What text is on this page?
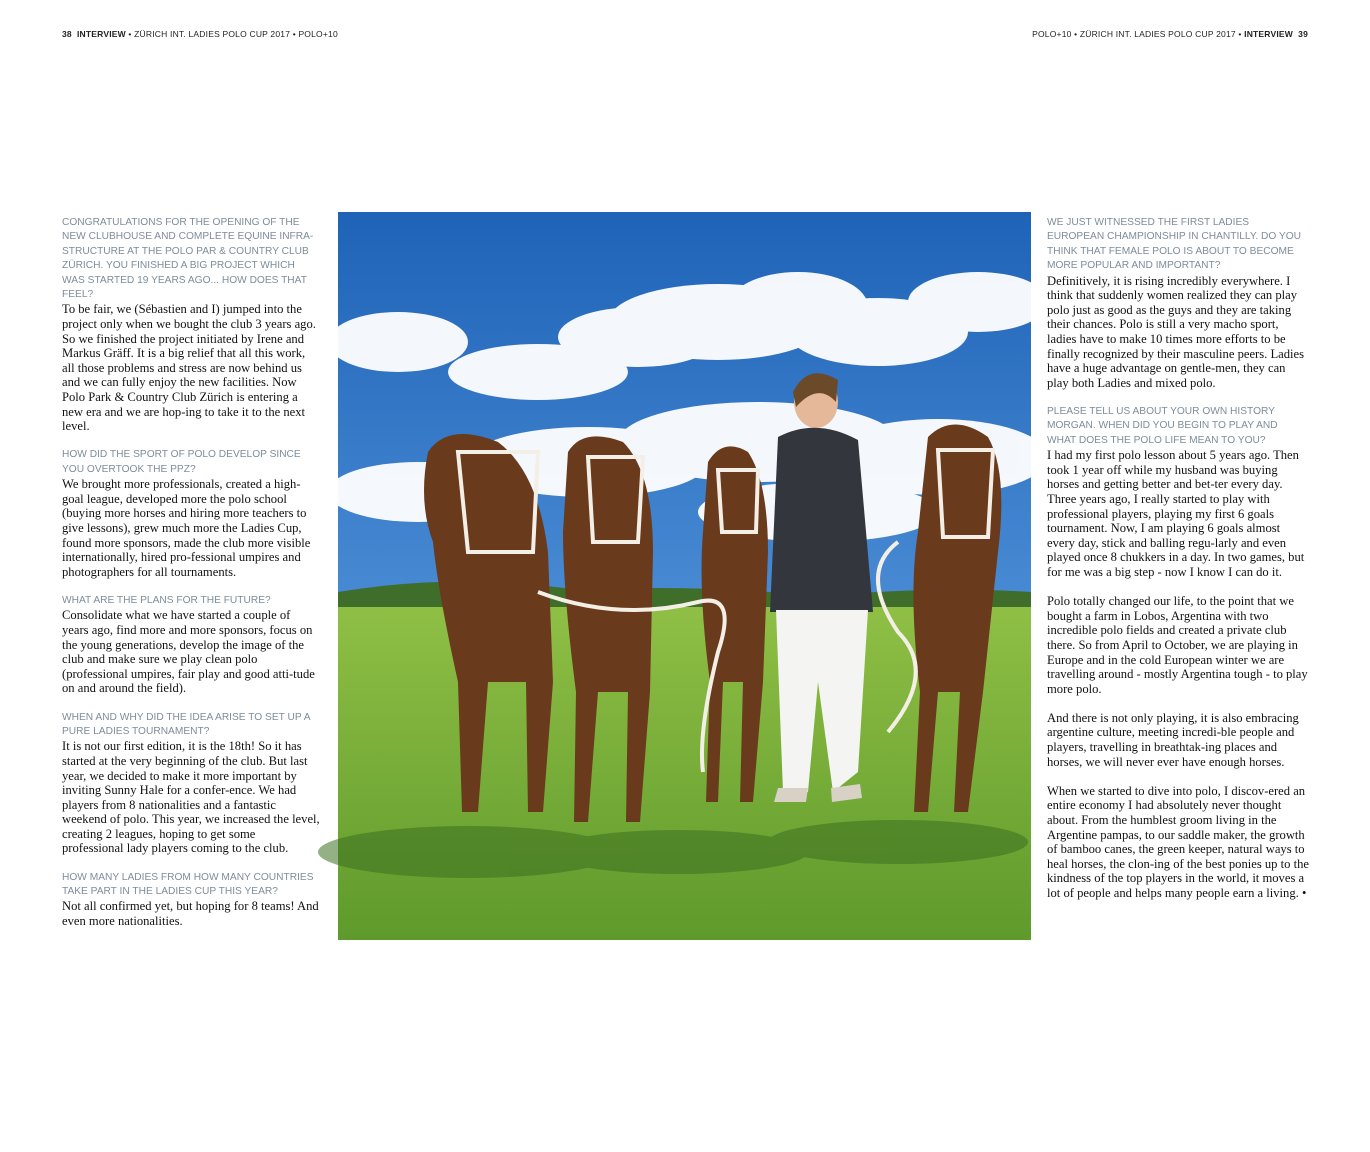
38 INTERVIEW • ZÜRICH INT. LADIES POLO CUP 2017 • POLO+10	POLO+10 • ZÜRICH INT. LADIES POLO CUP 2017 • INTERVIEW 39

CONGRATULATIONS FOR THE OPENING OF THE NEW CLUBHOUSE AND COMPLETE EQUINE INFRA-STRUCTURE AT THE POLO PAR & COUNTRY CLUB ZÜRICH. YOU FINISHED A BIG PROJECT WHICH WAS STARTED 19 YEARS AGO... HOW DOES THAT FEEL?

To be fair, we (Sébastien and I) jumped into the project only when we bought the club 3 years ago. So we finished the project initiated by Irene and Markus Gräff. It is a big relief that all this work, all those problems and stress are now behind us and we can fully enjoy the new facilities. Now Polo Park & Country Club Zürich is entering a new era and we are hop-ing to take it to the next level.

HOW DID THE SPORT OF POLO DEVELOP SINCE YOU OVERTOOK THE PPZ?

We brought more professionals, created a high-goal league, developed more the polo school (buying more horses and hiring more teachers to give lessons), grew much more the Ladies Cup, found more sponsors, made the club more visible internationally, hired pro-fessional umpires and photographers for all tournaments.

WHAT ARE THE PLANS FOR THE FUTURE?

Consolidate what we have started a couple of years ago, find more and more sponsors, focus on the young generations, develop the image of the club and make sure we play clean polo (professional umpires, fair play and good atti-tude on and around the field).

WHEN AND WHY DID THE IDEA ARISE TO SET UP A PURE LADIES TOURNAMENT?

It is not our first edition, it is the 18th! So it has started at the very beginning of the club. But last year, we decided to make it more important by inviting Sunny Hale for a confer-ence. We had players from 8 nationalities and a fantastic weekend of polo. This year, we increased the level, creating 2 leagues, hoping to get some professional lady players coming to the club.

HOW MANY LADIES FROM HOW MANY COUNTRIES TAKE PART IN THE LADIES CUP THIS YEAR?

Not all confirmed yet, but hoping for 8 teams! And even more nationalities.

Image: Kathrin Gralla

WE JUST WITNESSED THE FIRST LADIES EUROPEAN CHAMPIONSHIP IN CHANTILLY. DO YOU THINK THAT FEMALE POLO IS ABOUT TO BECOME MORE POPULAR AND IMPORTANT?

Definitively, it is rising incredibly everywhere. I think that suddenly women realized they can play polo just as good as the guys and they are taking their chances. Polo is still a very macho sport, ladies have to make 10 times more efforts to be finally recognized by their masculine peers. Ladies have a huge advantage on gentle-men, they can play both Ladies and mixed polo.

PLEASE TELL US ABOUT YOUR OWN HISTORY MORGAN. WHEN DID YOU BEGIN TO PLAY AND WHAT DOES THE POLO LIFE MEAN TO YOU?

I had my first polo lesson about 5 years ago. Then took 1 year off while my husband was buying horses and getting better and bet-ter every day. Three years ago, I really started to play with professional players, playing my first 6 goals tournament. Now, I am playing 6 goals almost every day, stick and balling regu-larly and even played once 8 chukkers in a day. In two games, but for me was a big step - now I know I can do it.

Polo totally changed our life, to the point that we bought a farm in Lobos, Argentina with two incredible polo fields and created a private club there. So from April to October, we are playing in Europe and in the cold European winter we are travelling around - mostly Argentina tough - to play more polo.

And there is not only playing, it is also embracing argentine culture, meeting incredi-ble people and players, travelling in breathtak-ing places and horses, we will never ever have enough horses.

When we started to dive into polo, I discov-ered an entire economy I had absolutely never thought about. From the humblest groom living in the Argentine pampas, to our saddle maker, the growth of bamboo canes, the green keeper, natural ways to heal horses, the clon-ing of the best ponies up to the kindness of the top players in the world, it moves a lot of people and helps many people earn a living. •
